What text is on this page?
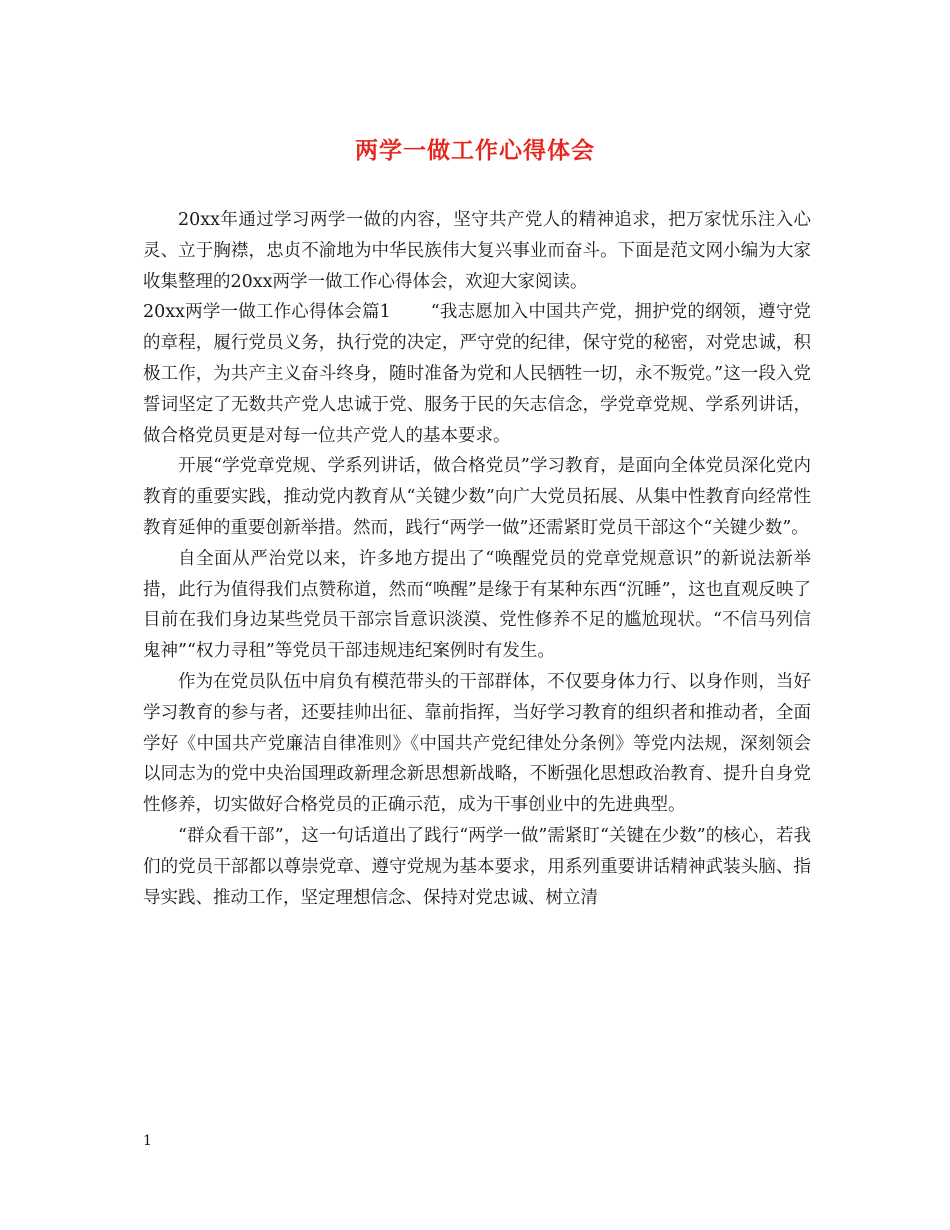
两学一做工作心得体会

20xx年通过学习两学一做的内容，坚守共产党人的精神追求，把万家忧乐注入心灵、立于胸襟，忠贞不渝地为中华民族伟大复兴事业而奋斗。下面是范文网小编为大家收集整理的20xx两学一做工作心得体会，欢迎大家阅读。

20xx两学一做工作心得体会篇1 “我志愿加入中国共产党，拥护党的纲领，遵守党的章程，履行党员义务，执行党的决定，严守党的纪律，保守党的秘密，对党忠诚，积极工作，为共产主义奋斗终身，随时准备为党和人民牺牲一切，永不叛党。”这一段入党誓词坚定了无数共产党人忠诚于党、服务于民的矢志信念，学党章党规、学系列讲话，做合格党员更是对每一位共产党人的基本要求。

开展“学党章党规、学系列讲话，做合格党员”学习教育，是面向全体党员深化党内教育的重要实践，推动党内教育从“关键少数”向广大党员拓展、从集中性教育向经常性教育延伸的重要创新举措。然而，践行“两学一做”还需紧盯党员干部这个“关键少数”。

自全面从严治党以来，许多地方提出了“唤醒党员的党章党规意识”的新说法新举措，此行为值得我们点赞称道，然而“唤醒”是缘于有某种东西“沉睡”，这也直观反映了目前在我们身边某些党员干部宗旨意识淡漠、党性修养不足的尴尬现状。“不信马列信鬼神”“权力寻租”等党员干部违规违纪案例时有发生。

作为在党员队伍中肩负有模范带头的干部群体，不仅要身体力行、以身作则，当好学习教育的参与者，还要挂帅出征、靠前指挥，当好学习教育的组织者和推动者，全面学好《中国共产党廉洁自律准则》《中国共产党纪律处分条例》等党内法规，深刻领会以同志为的党中央治国理政新理念新思想新战略，不断强化思想政治教育、提升自身党性修养，切实做好合格党员的正确示范，成为干事创业中的先进典型。

“群众看干部”，这一句话道出了践行“两学一做”需紧盯“关键在少数”的核心，若我们的党员干部都以尊崇党章、遵守党规为基本要求，用系列重要讲话精神武装头脑、指导实践、推动工作，坚定理想信念、保持对党忠诚、树立清

1
